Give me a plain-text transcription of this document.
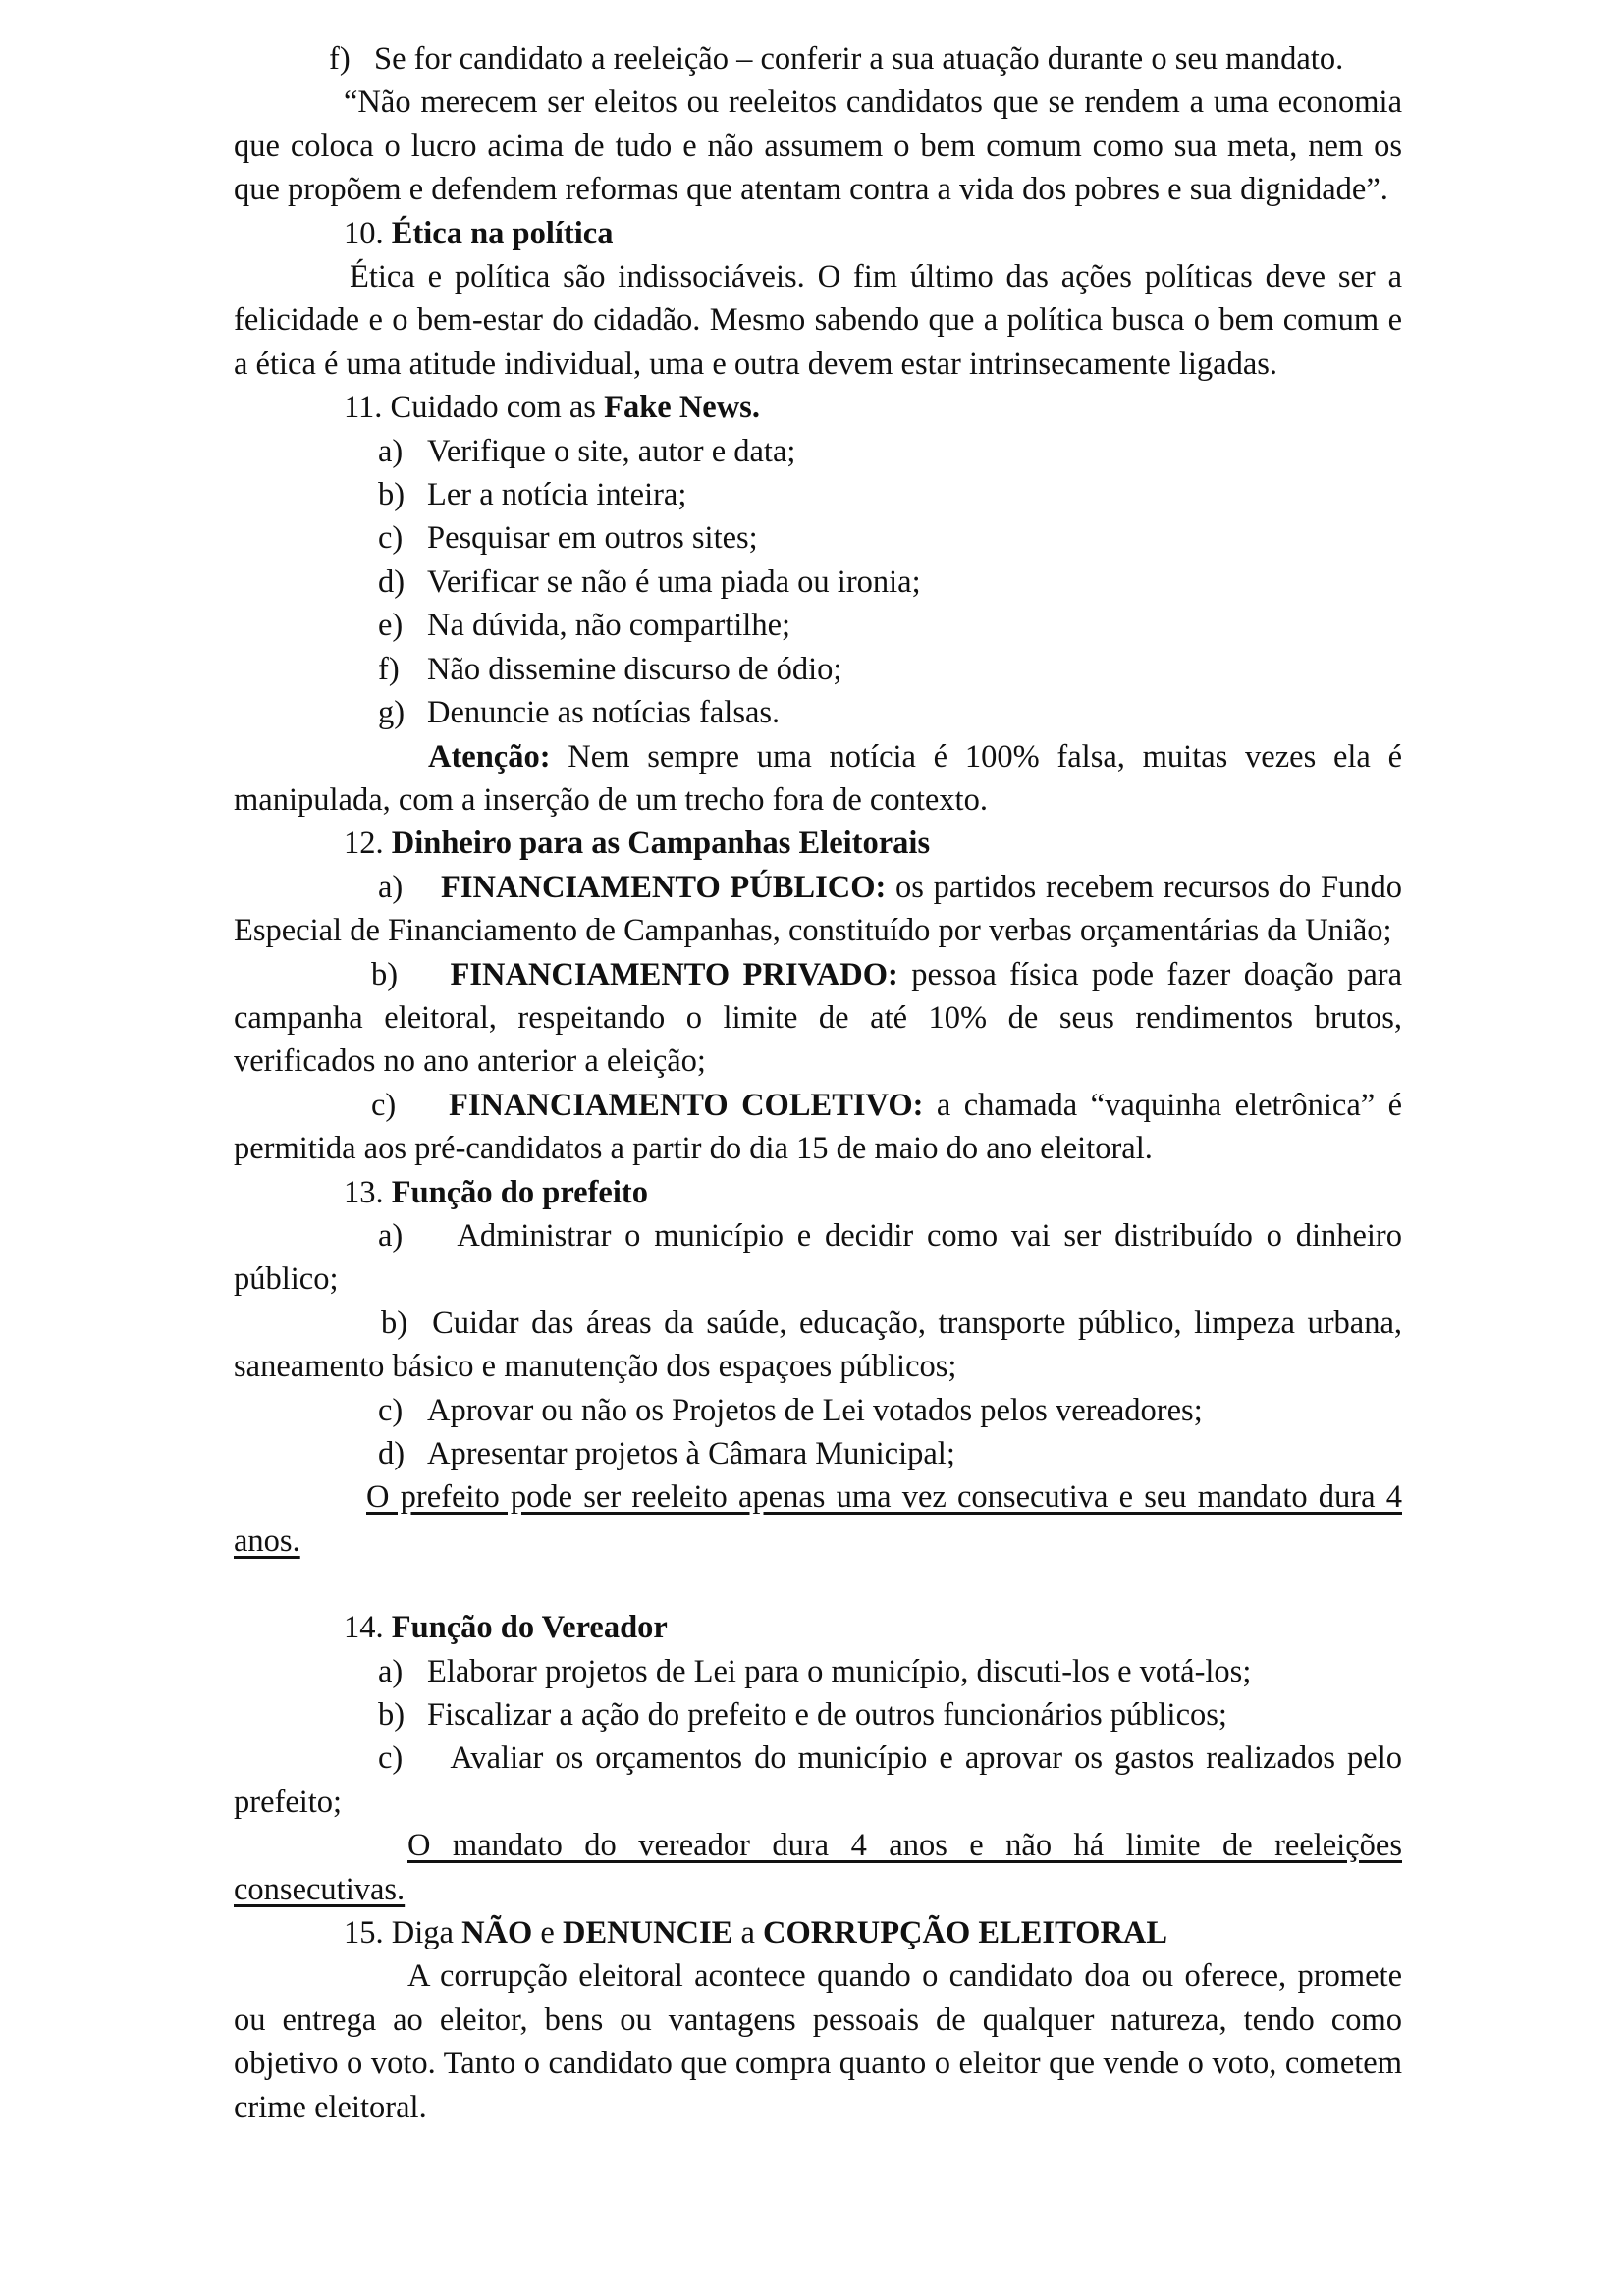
f) Se for candidato a reeleição – conferir a sua atuação durante o seu mandato.
“Não merecem ser eleitos ou reeleitos candidatos que se rendem a uma economia que coloca o lucro acima de tudo e não assumem o bem comum como sua meta, nem os que propõem e defendem reformas que atentam contra a vida dos pobres e sua dignidade”.
10. Ética na política
Ética e política são indissociáveis. O fim último das ações políticas deve ser a felicidade e o bem-estar do cidadão. Mesmo sabendo que a política busca o bem comum e a ética é uma atitude individual, uma e outra devem estar intrinsecamente ligadas.
11. Cuidado com as Fake News.
a) Verifique o site, autor e data;
b) Ler a notícia inteira;
c) Pesquisar em outros sites;
d) Verificar se não é uma piada ou ironia;
e) Na dúvida, não compartilhe;
f) Não dissemine discurso de ódio;
g) Denuncie as notícias falsas.
Atenção: Nem sempre uma notícia é 100% falsa, muitas vezes ela é manipulada, com a inserção de um trecho fora de contexto.
12. Dinheiro para as Campanhas Eleitorais
a) FINANCIAMENTO PÚBLICO: os partidos recebem recursos do Fundo Especial de Financiamento de Campanhas, constituído por verbas orçamentárias da União;
b) FINANCIAMENTO PRIVADO: pessoa física pode fazer doação para campanha eleitoral, respeitando o limite de até 10% de seus rendimentos brutos, verificados no ano anterior a eleição;
c) FINANCIAMENTO COLETIVO: a chamada “vaquinha eletrônica” é permitida aos pré-candidatos a partir do dia 15 de maio do ano eleitoral.
13. Função do prefeito
a) Administrar o município e decidir como vai ser distribuído o dinheiro público;
b) Cuidar das áreas da saúde, educação, transporte público, limpeza urbana, saneamento básico e manutenção dos espaçoes públicos;
c) Aprovar ou não os Projetos de Lei votados pelos vereadores;
d) Apresentar projetos à Câmara Municipal;
O prefeito pode ser reeleito apenas uma vez consecutiva e seu mandato dura 4 anos.
14. Função do Vereador
a) Elaborar projetos de Lei para o município, discuti-los e votá-los;
b) Fiscalizar a ação do prefeito e de outros funcionários públicos;
c) Avaliar os orçamentos do município e aprovar os gastos realizados pelo prefeito;
O mandato do vereador dura 4 anos e não há limite de reeleições consecutivas.
15. Diga NÃO e DENUNCIE a CORRUPÇÃO ELEITORAL
A corrupção eleitoral acontece quando o candidato doa ou oferece, promete ou entrega ao eleitor, bens ou vantagens pessoais de qualquer natureza, tendo como objetivo o voto. Tanto o candidato que compra quanto o eleitor que vende o voto, cometem crime eleitoral.
